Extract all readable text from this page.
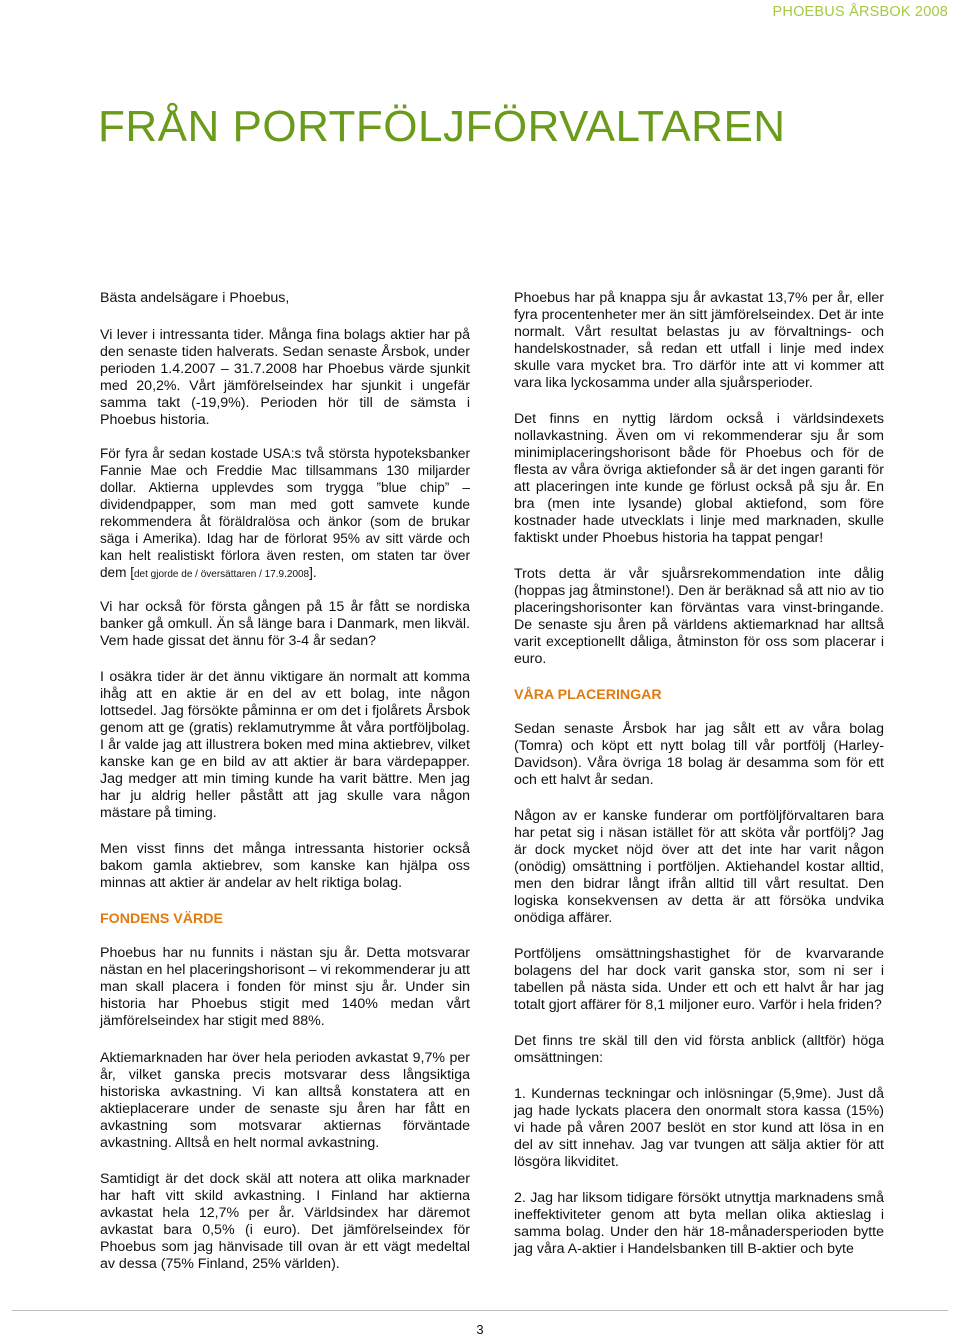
PHOEBUS ÅRSBOK 2008
FRÅN PORTFÖLJFÖRVALTAREN

Bästa andelsägare i Phoebus,

Vi lever i intressanta tider. Många fina bolags aktier har på den senaste tiden halverats. Sedan senaste Årsbok, under perioden 1.4.2007 – 31.7.2008 har Phoebus värde sjunkit med 20,2%. Vårt jämförelseindex har sjunkit i ungefär samma takt (-19,9%). Perioden hör till de sämsta i Phoebus historia.

För fyra år sedan kostade USA:s två största hypoteksbanker Fannie Mae och Freddie Mac tillsammans 130 miljarder dollar. Aktierna upplevdes som trygga ”blue chip” –dividendpapper, som man med gott samvete kunde rekommendera åt föräldralösa och änkor (som de brukar säga i Amerika). Idag har de förlorat 95% av sitt värde och kan helt realistiskt förlora även resten, om staten tar över dem [det gjorde de / översättaren / 17.9.2008].

Vi har också för första gången på 15 år fått se nordiska banker gå omkull. Än så länge bara i Danmark, men likväl. Vem hade gissat det ännu för 3-4 år sedan?

I osäkra tider är det ännu viktigare än normalt att komma ihåg att en aktie är en del av ett bolag, inte någon lottsedel. Jag försökte påminna er om det i fjolårets Årsbok genom att ge (gratis) reklamutrymme åt våra portföljbolag. I år valde jag att illustrera boken med mina aktiebrev, vilket kanske kan ge en bild av att aktier är bara värdepapper. Jag medger att min timing kunde ha varit bättre. Men jag har ju aldrig heller påstått att jag skulle vara någon mästare på timing.

Men visst finns det många intressanta historier också bakom gamla aktiebrev, som kanske kan hjälpa oss minnas att aktier är andelar av helt riktiga bolag.

FONDENS VÄRDE

Phoebus har nu funnits i nästan sju år. Detta motsvarar nästan en hel placeringshorisont – vi rekommenderar ju att man skall placera i fonden för minst sju år. Under sin historia har Phoebus stigit med 140% medan vårt jämförelseindex har stigit med 88%.

Aktiemarknaden har över hela perioden avkastat 9,7% per år, vilket ganska precis motsvarar dess långsiktiga historiska avkastning. Vi kan alltså konstatera att en aktieplacerare under de senaste sju åren har fått en avkastning som motsvarar aktiernas förväntade avkastning. Alltså en helt normal avkastning.

Samtidigt är det dock skäl att notera att olika marknader har haft vitt skild avkastning. I Finland har aktierna avkastat hela 12,7% per år. Världsindex har däremot avkastat bara 0,5% (i euro). Det jämförelseindex för Phoebus som jag hänvisade till ovan är ett vägt medeltal av dessa (75% Finland, 25% världen).

Phoebus har på knappa sju år avkastat 13,7% per år, eller fyra procentenheter mer än sitt jämförelseindex. Det är inte normalt. Vårt resultat belastas ju av förvaltnings- och handelskostnader, så redan ett utfall i linje med index skulle vara mycket bra. Tro därför inte att vi kommer att vara lika lyckosamma under alla sjuårsperioder.

Det finns en nyttig lärdom också i världsindexets nollavkastning. Även om vi rekommenderar sju år som minimiplaceringshorisont både för Phoebus och för de flesta av våra övriga aktiefonder så är det ingen garanti för att placeringen inte kunde ge förlust också på sju år. En bra (men inte lysande) global aktiefond, som före kostnader hade utvecklats i linje med marknaden, skulle faktiskt under Phoebus historia ha tappat pengar!

Trots detta är vår sjuårsrekommendation inte dålig (hoppas jag åtminstone!). Den är beräknad så att nio av tio placeringshorisonter kan förväntas vara vinst-bringande. De senaste sju åren på världens aktiemarknad har alltså varit exceptionellt dåliga, åtminston för oss som placerar i euro.

VÅRA PLACERINGAR

Sedan senaste Årsbok har jag sålt ett av våra bolag (Tomra) och köpt ett nytt bolag till vår portfölj (Harley-Davidson). Våra övriga 18 bolag är desamma som för ett och ett halvt år sedan.

Någon av er kanske funderar om portföljförvaltaren bara har petat sig i näsan istället för att sköta vår portfölj? Jag är dock mycket nöjd över att det inte har varit någon (onödig) omsättning i portföljen. Aktiehandel kostar alltid, men den bidrar långt ifrån alltid till vårt resultat. Den logiska konsekvensen av detta är att försöka undvika onödiga affärer.

Portföljens omsättningshastighet för de kvarvarande bolagens del har dock varit ganska stor, som ni ser i tabellen på nästa sida. Under ett och ett halvt år har jag totalt gjort affärer för 8,1 miljoner euro. Varför i hela friden?

Det finns tre skäl till den vid första anblick (alltför) höga omsättningen:

1. Kundernas teckningar och inlösningar (5,9me). Just då jag hade lyckats placera den onormalt stora kassa (15%) vi hade på våren 2007 beslöt en stor kund att lösa in en del av sitt innehav. Jag var tvungen att sälja aktier för att lösgöra likviditet.

2. Jag har liksom tidigare försökt utnyttja marknadens små ineffektiviteter genom att byta mellan olika aktieslag i samma bolag. Under den här 18-månadersperioden bytte jag våra A-aktier i Handelsbanken till B-aktier och byte

3
